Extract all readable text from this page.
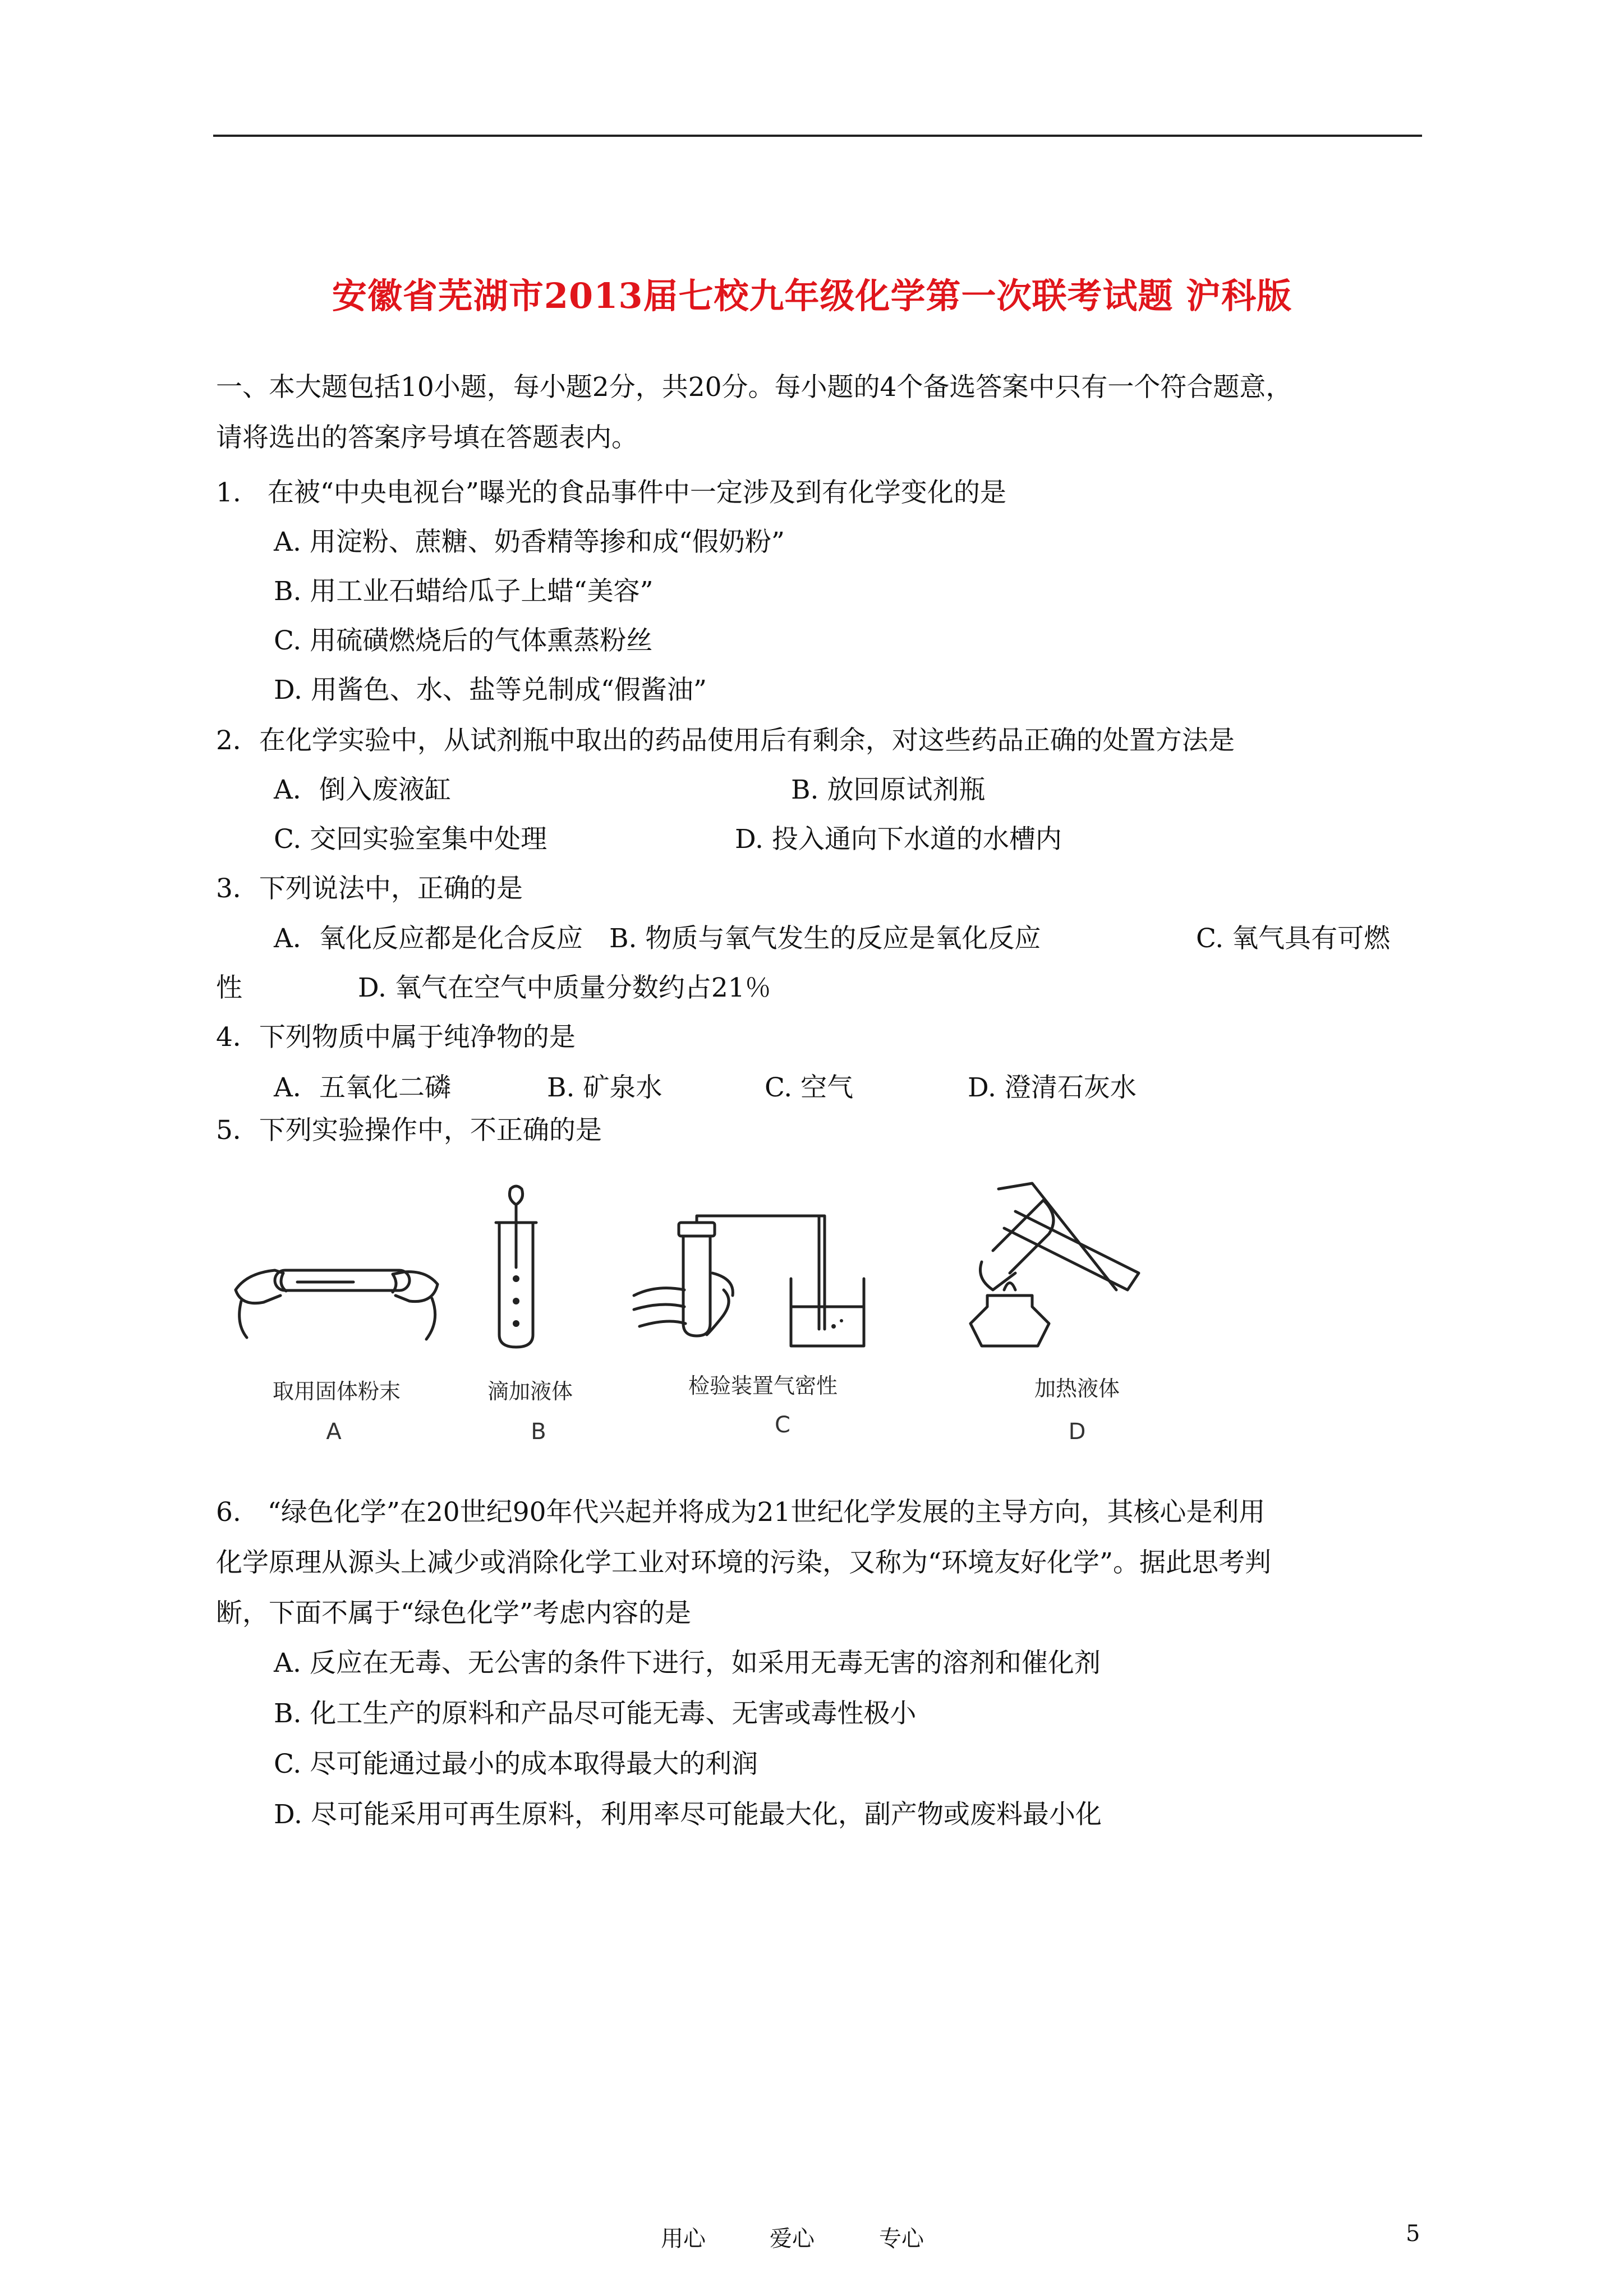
安徽省芜湖市2013届七校九年级化学第一次联考试题 沪科版
一、本大题包括10小题，每小题2分，共20分。每小题的4个备选答案中只有一个符合题意，
请将选出的答案序号填在答题表内。
1.　在被“中央电视台”曝光的食品事件中一定涉及到有化学变化的是
A. 用淀粉、蔗糖、奶香精等掺和成“假奶粉”
B. 用工业石蜡给瓜子上蜡“美容”
C. 用硫磺燃烧后的气体熏蒸粉丝
D. 用酱色、水、盐等兑制成“假酱油”
2．在化学实验中，从试剂瓶中取出的药品使用后有剩余，对这些药品正确的处置方法是
A．倒入废液缸	B. 放回原试剂瓶
C. 交回实验室集中处理	D. 投入通向下水道的水槽内
3．下列说法中，正确的是
A．氧化反应都是化合反应　B. 物质与氧气发生的反应是氧化反应	C. 氧气具有可燃
性	D. 氧气在空气中质量分数约占21％
4．下列物质中属于纯净物的是
A．五氧化二磷	B. 矿泉水	C. 空气	D. 澄清石灰水
5．下列实验操作中，不正确的是
取用固体粉末
A
滴加液体
B
检验装置气密性
C
加热液体
D
6.　“绿色化学”在20世纪90年代兴起并将成为21世纪化学发展的主导方向，其核心是利用
化学原理从源头上减少或消除化学工业对环境的污染，又称为“环境友好化学”。据此思考判
断，下面不属于“绿色化学”考虑内容的是
A. 反应在无毒、无公害的条件下进行，如采用无毒无害的溶剂和催化剂
B. 化工生产的原料和产品尽可能无毒、无害或毒性极小
C. 尽可能通过最小的成本取得最大的利润
D. 尽可能采用可再生原料，利用率尽可能最大化，副产物或废料最小化
用心	爱心	专心	5
